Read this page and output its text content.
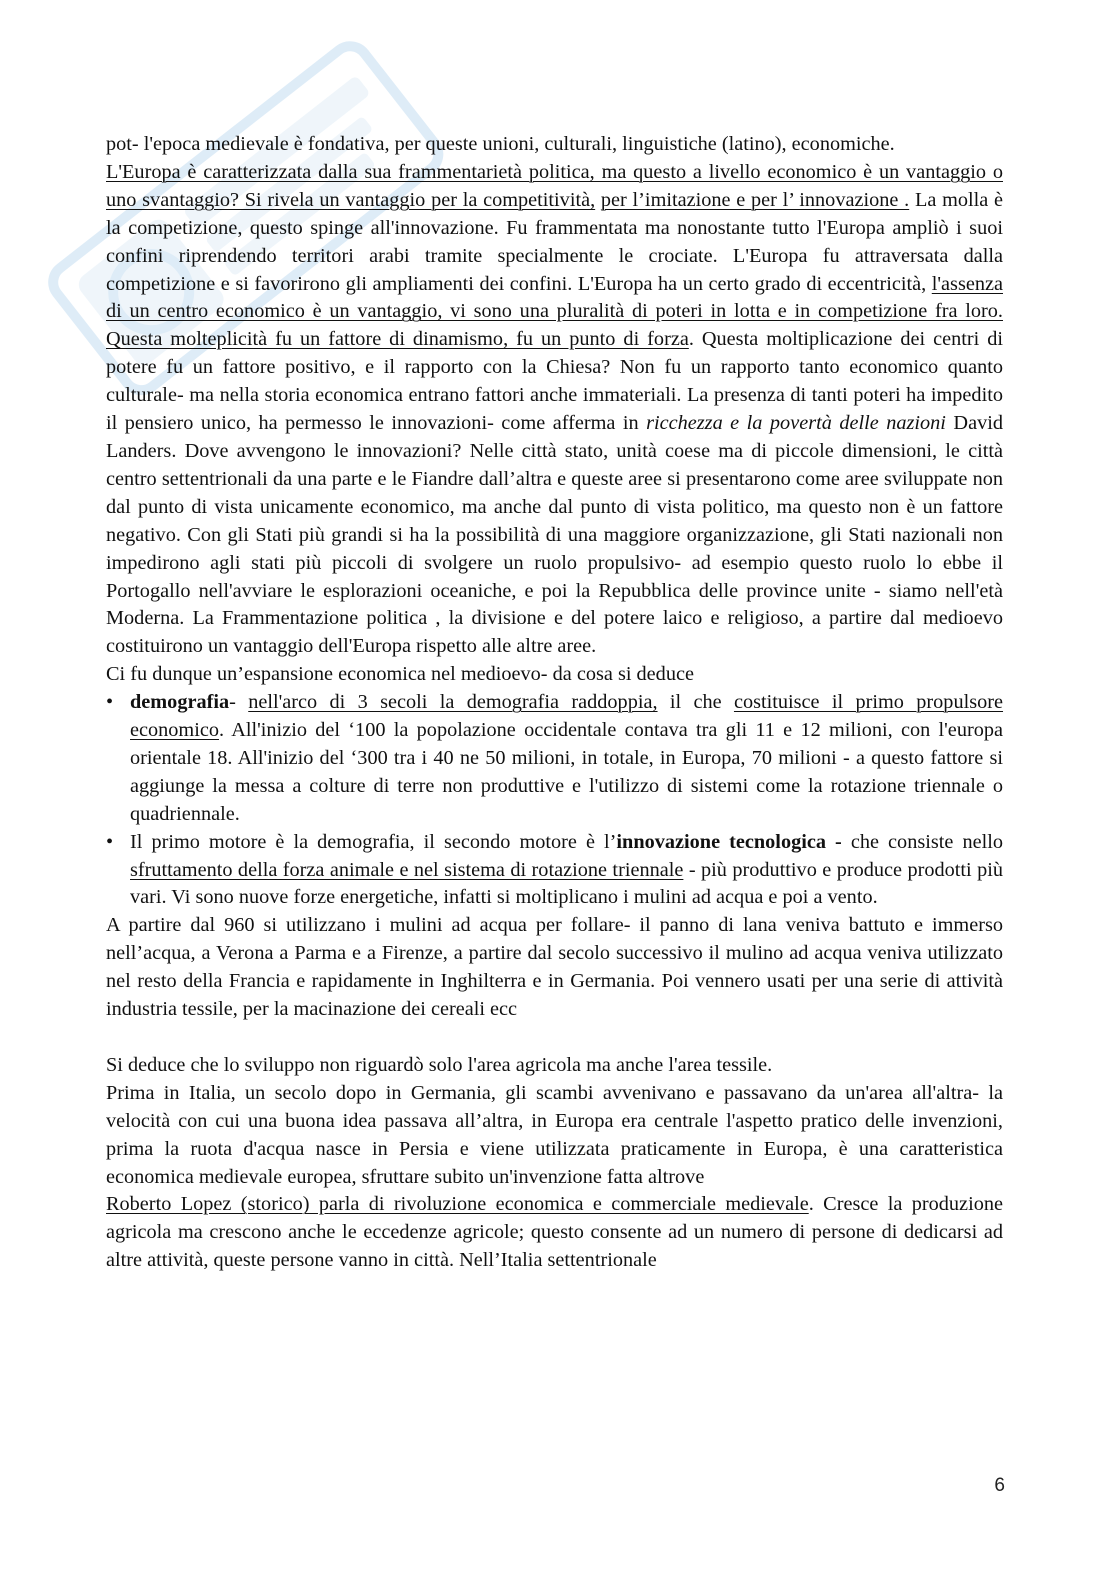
pot- l'epoca medievale è fondativa, per queste unioni, culturali, linguistiche (latino), economiche.

L'Europa è caratterizzata dalla sua frammentarietà politica, ma questo a livello economico è un vantaggio o uno svantaggio? Si rivela un vantaggio per la competitività, per l’imitazione e per l’ innovazione . La molla è la competizione, questo spinge all'innovazione. Fu frammentata ma nonostante tutto l'Europa ampliò i suoi confini riprendendo territori arabi tramite specialmente le crociate. L'Europa fu attraversata dalla competizione e si favorirono gli ampliamenti dei confini. L'Europa ha un certo grado di eccentricità, l'assenza di un centro economico è un vantaggio, vi sono una pluralità di poteri in lotta e in competizione fra loro. Questa molteplicità fu un fattore di dinamismo, fu un punto di forza. Questa moltiplicazione dei centri di potere fu un fattore positivo, e il rapporto con la Chiesa? Non fu un rapporto tanto economico quanto culturale- ma nella storia economica entrano fattori anche immateriali. La presenza di tanti poteri ha impedito il pensiero unico, ha permesso le innovazioni- come afferma in ricchezza e la povertà delle nazioni David Landers. Dove avvengono le innovazioni? Nelle città stato, unità coese ma di piccole dimensioni, le città centro settentrionali da una parte e le Fiandre dall’altra e queste aree si presentarono come aree sviluppate non dal punto di vista unicamente economico, ma anche dal punto di vista politico, ma questo non è un fattore negativo. Con gli Stati più grandi si ha la possibilità di una maggiore organizzazione, gli Stati nazionali non impedirono agli stati più piccoli di svolgere un ruolo propulsivo- ad esempio questo ruolo lo ebbe il Portogallo nell'avviare le esplorazioni oceaniche, e poi la Repubblica delle province unite - siamo nell'età Moderna. La Frammentazione politica , la divisione e del potere laico e religioso, a partire dal medioevo costituirono un vantaggio dell'Europa rispetto alle altre aree.

Ci fu dunque un’espansione economica nel medioevo- da cosa si deduce

• demografia- nell'arco di 3 secoli la demografia raddoppia, il che costituisce il primo propulsore economico. All'inizio del ‘100 la popolazione occidentale contava tra gli 11 e 12 milioni, con l'europa orientale 18. All'inizio del ‘300 tra i 40 ne 50 milioni, in totale, in Europa, 70 milioni - a questo fattore si aggiunge la messa a colture di terre non produttive e l'utilizzo di sistemi come la rotazione triennale o quadriennale.
• Il primo motore è la demografia, il secondo motore è l’innovazione tecnologica - che consiste nello sfruttamento della forza animale e nel sistema di rotazione triennale - più produttivo e produce prodotti più vari. Vi sono nuove forze energetiche, infatti si moltiplicano i mulini ad acqua e poi a vento.

A partire dal 960 si utilizzano i mulini ad acqua per follare- il panno di lana veniva battuto e immerso nell’acqua, a Verona a Parma e a Firenze, a partire dal secolo successivo il mulino ad acqua veniva utilizzato nel resto della Francia e rapidamente in Inghilterra e in Germania. Poi vennero usati per una serie di attività industria tessile, per la macinazione dei cereali ecc

Si deduce che lo sviluppo non riguardò solo l'area agricola ma anche l'area tessile.

Prima in Italia, un secolo dopo in Germania, gli scambi avvenivano e passavano da un'area all'altra- la velocità con cui una buona idea passava all’altra, in Europa era centrale l'aspetto pratico delle invenzioni, prima la ruota d'acqua nasce in Persia e viene utilizzata praticamente in Europa, è una caratteristica economica medievale europea, sfruttare subito un'invenzione fatta altrove

Roberto Lopez (storico) parla di rivoluzione economica e commerciale medievale. Cresce la produzione agricola ma crescono anche le eccedenze agricole; questo consente ad un numero di persone di dedicarsi ad altre attività, queste persone vanno in città. Nell’Italia settentrionale

6
